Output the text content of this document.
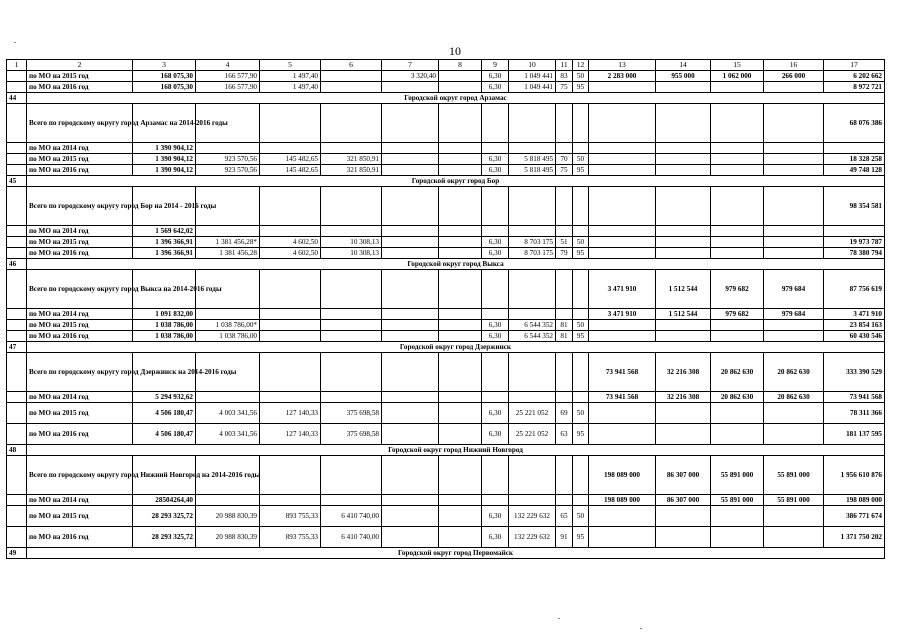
10
1	2	3	4	5	6	7	8	9	10	11	12	13	14	15	16	17
	по МО на 2015 год	168 075,30	166 577,90	1 497,40		3 320,40		6,30	1 049 441	83	50	2 283 000	955 000	1 062 000	266 000	6 202 662
	по МО на 2016 год	168 075,30	166 577,90	1 497,40				6,30	1 049 441	75	95					8 972 721
44	Городской округ город Арзамас															
	Всего по городскому округу город Арзамас на 2014-2016 годы															68 076 386
	по МО на 2014 год	1 390 904,12														
	по МО на 2015 год	1 390 904,12	923 570,56	145 482,65	321 850,91			6,30	5 818 495	70	50					18 328 258
	по МО на 2016 год	1 390 904,12	923 570,56	145 482,65	321 850,91			6,30	5 818 495	75	95					49 748 128
45	Городской округ город Бор															
	Всего по городскому округу город Бор на 2014 - 2016 годы															98 354 581
	по МО на 2014 год	1 569 642,02														
	по МО на 2015 год	1 396 366,91	1 381 456,28*	4 602,50	10 308,13			6,30	8 703 175	51	50					19 973 787
	по МО на 2016 год	1 396 366,91	1 381 456,28	4 602,50	10 308,13			6,30	8 703 175	79	95					78 380 794
46	Городской округ город Выкса															
	Всего по городскому округу город Выкса на 2014-2016 годы											3 471 910	1 512 544	979 682	979 684	87 756 619
	по МО на 2014 год	1 091 832,00										3 471 910	1 512 544	979 682	979 684	3 471 910
	по МО на 2015 год	1 038 786,00	1 038 786,00*					6,30	6 544 352	81	50					23 854 163
	по МО на 2016 год	1 038 786,00	1 038 786,00					6,30	6 544 352	81	95					60 430 546
47	Городской округ город Дзержинск															
	Всего по городскому округу город Дзержинск на 2014-2016 годы											73 941 568	32 216 308	20 862 630	20 862 630	333 390 529
	по МО на 2014 год	5 294 932,62										73 941 568	32 216 308	20 862 630	20 862 630	73 941 568
	по МО на 2015 год	4 506 180,47	4 003 341,56	127 140,33	375 698,58			6,30	25 221 052	69	50					78 311 366
	по МО на 2016 год	4 506 180,47	4 003 341,56	127 140,33	375 698,58			6,30	25 221 052	63	95					181 137 595
48	Городской округ город Нижний Новгород															
	Всего по городскому округу город Нижний Новгород на 2014-2016 годы											198 089 000	86 307 000	55 891 000	55 891 000	1 956 610 876
	по МО на 2014 год	28504264,40										198 089 000	86 307 000	55 891 000	55 891 000	198 089 000
	по МО на 2015 год	28 293 325,72	20 988 830,39	893 755,33	6 410 740,00			6,30	132 229 632	65	50					386 771 674
	по МО на 2016 год	28 293 325,72	20 988 830,39	893 755,33	6 410 740,00			6,30	132 229 632	91	95					1 371 750 202
49	Городской округ город Первомайск															
